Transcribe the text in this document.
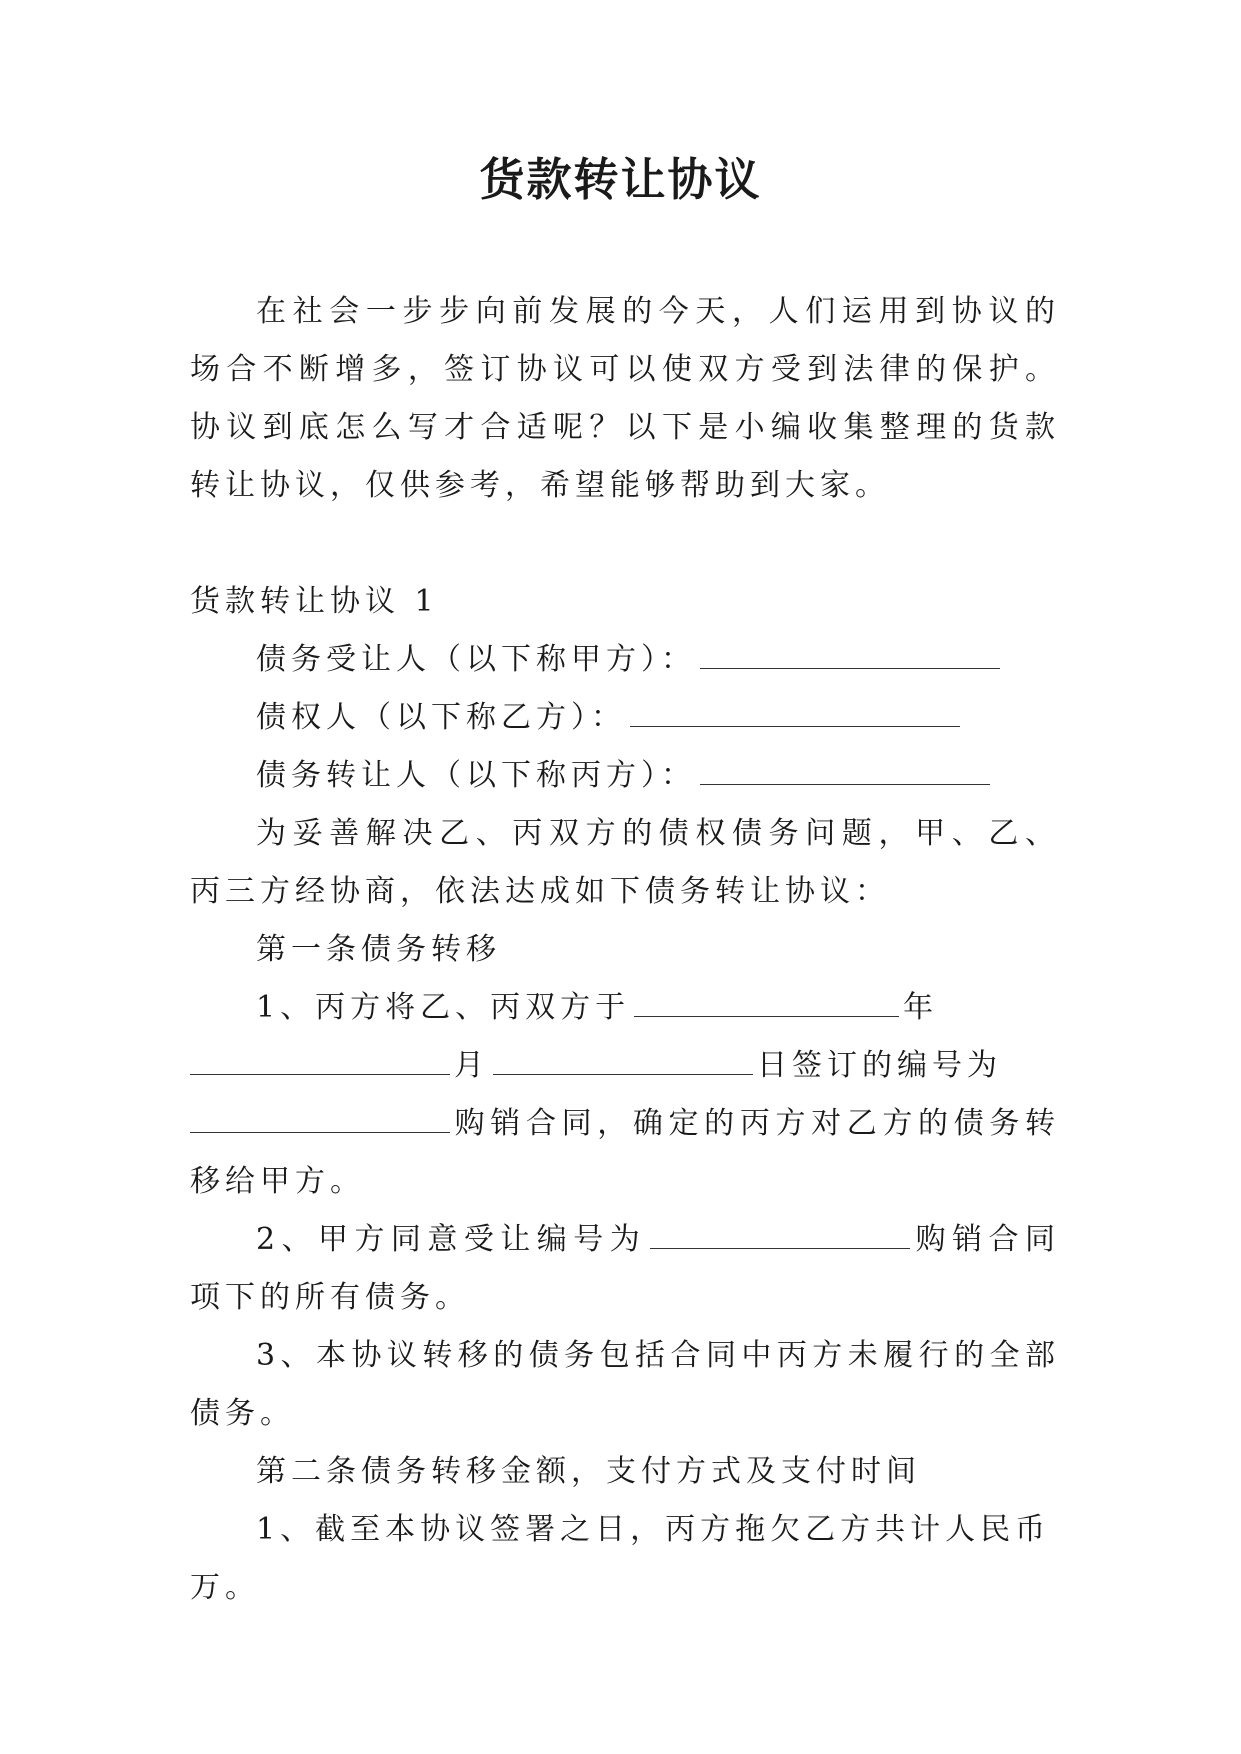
货款转让协议

在社会一步步向前发展的今天，人们运用到协议的场合不断增多，签订协议可以使双方受到法律的保护。协议到底怎么写才合适呢？以下是小编收集整理的货款转让协议，仅供参考，希望能够帮助到大家。

货款转让协议 1

债务受让人（以下称甲方）：

债权人（以下称乙方）：

债务转让人（以下称丙方）：

为妥善解决乙、丙双方的债权债务问题，甲、乙、丙三方经协商，依法达成如下债务转让协议：

第一条债务转移

1、丙方将乙、丙双方于	年
月	日签订的编号为
购销合同，确定的丙方对乙方的债务转移给甲方。

2、甲方同意受让编号为	购销合同项下的所有债务。

3、本协议转移的债务包括合同中丙方未履行的全部债务。

第二条债务转移金额，支付方式及支付时间

1、截至本协议签署之日，丙方拖欠乙方共计人民币万。
